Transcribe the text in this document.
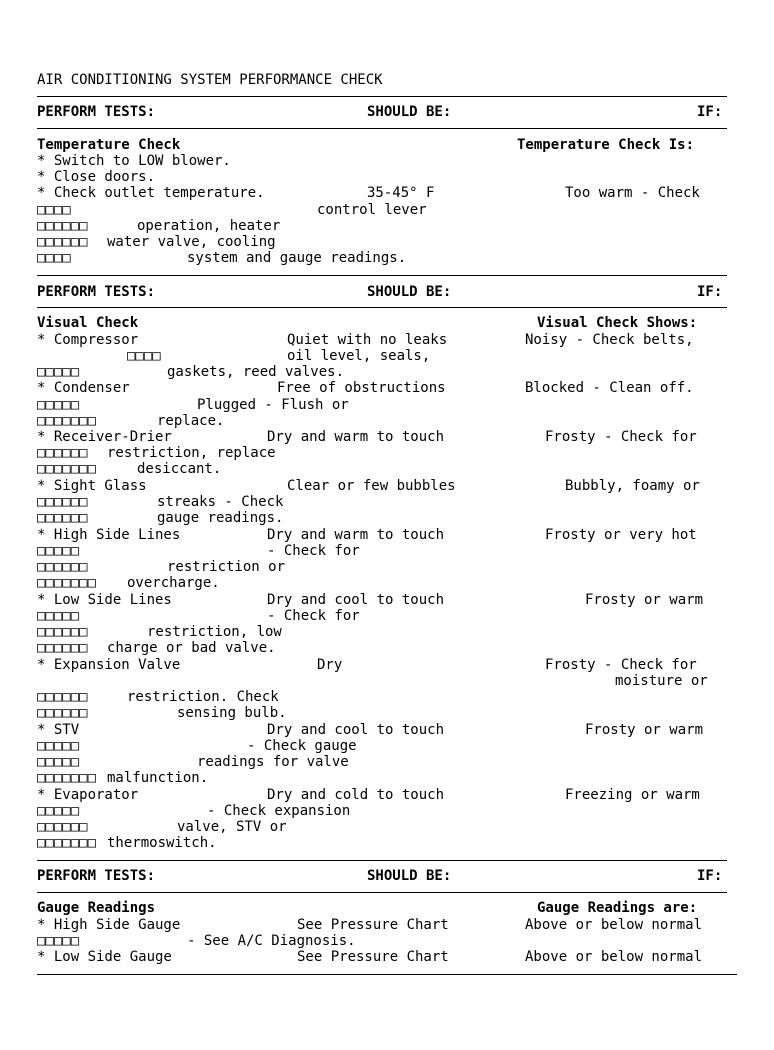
AIR CONDITIONING SYSTEM PERFORMANCE CHECK
PERFORM TESTS:	SHOULD BE:	IF:
Temperature Check	Temperature Check Is:
* Switch to LOW blower.
* Close doors.
* Check outlet temperature.	35-45° F	Too warm - Check
□□□□	control lever
□□□□□□	operation, heater
□□□□□□ water valve, cooling
□□□□	system and gauge readings.
PERFORM TESTS:	SHOULD BE:	IF:
Visual Check	Visual Check Shows:
* Compressor	Quiet with no leaks	Noisy - Check belts,
□□□□	oil level, seals,
□□□□□	gaskets, reed valves.
* Condenser	Free of obstructions	Blocked - Clean off.
□□□□□	Plugged - Flush or
□□□□□□□	replace.
* Receiver-Drier	Dry and warm to touch	Frosty - Check for
□□□□□□ restriction, replace
□□□□□□□	desiccant.
* Sight Glass	Clear or few bubbles	Bubbly, foamy or
□□□□□□	streaks - Check
□□□□□□	gauge readings.
* High Side Lines	Dry and warm to touch	Frosty or very hot
□□□□□	- Check for
□□□□□□	restriction or
□□□□□□□ overcharge.
* Low Side Lines	Dry and cool to touch	Frosty or warm
□□□□□	- Check for
□□□□□□	restriction, low
□□□□□□ charge or bad valve.
* Expansion Valve	Dry	Frosty - Check for
moisture or
□□□□□□	restriction. Check
□□□□□□	sensing bulb.
* STV	Dry and cool to touch	Frosty or warm
□□□□□	- Check gauge
□□□□□	readings for valve
□□□□□□□ malfunction.
* Evaporator	Dry and cold to touch	Freezing or warm
□□□□□	- Check expansion
□□□□□□	valve, STV or
□□□□□□□ thermoswitch.
PERFORM TESTS:	SHOULD BE:	IF:
Gauge Readings	Gauge Readings are:
* High Side Gauge	See Pressure Chart	Above or below normal
□□□□□	- See A/C Diagnosis.
* Low Side Gauge	See Pressure Chart	Above or below normal
